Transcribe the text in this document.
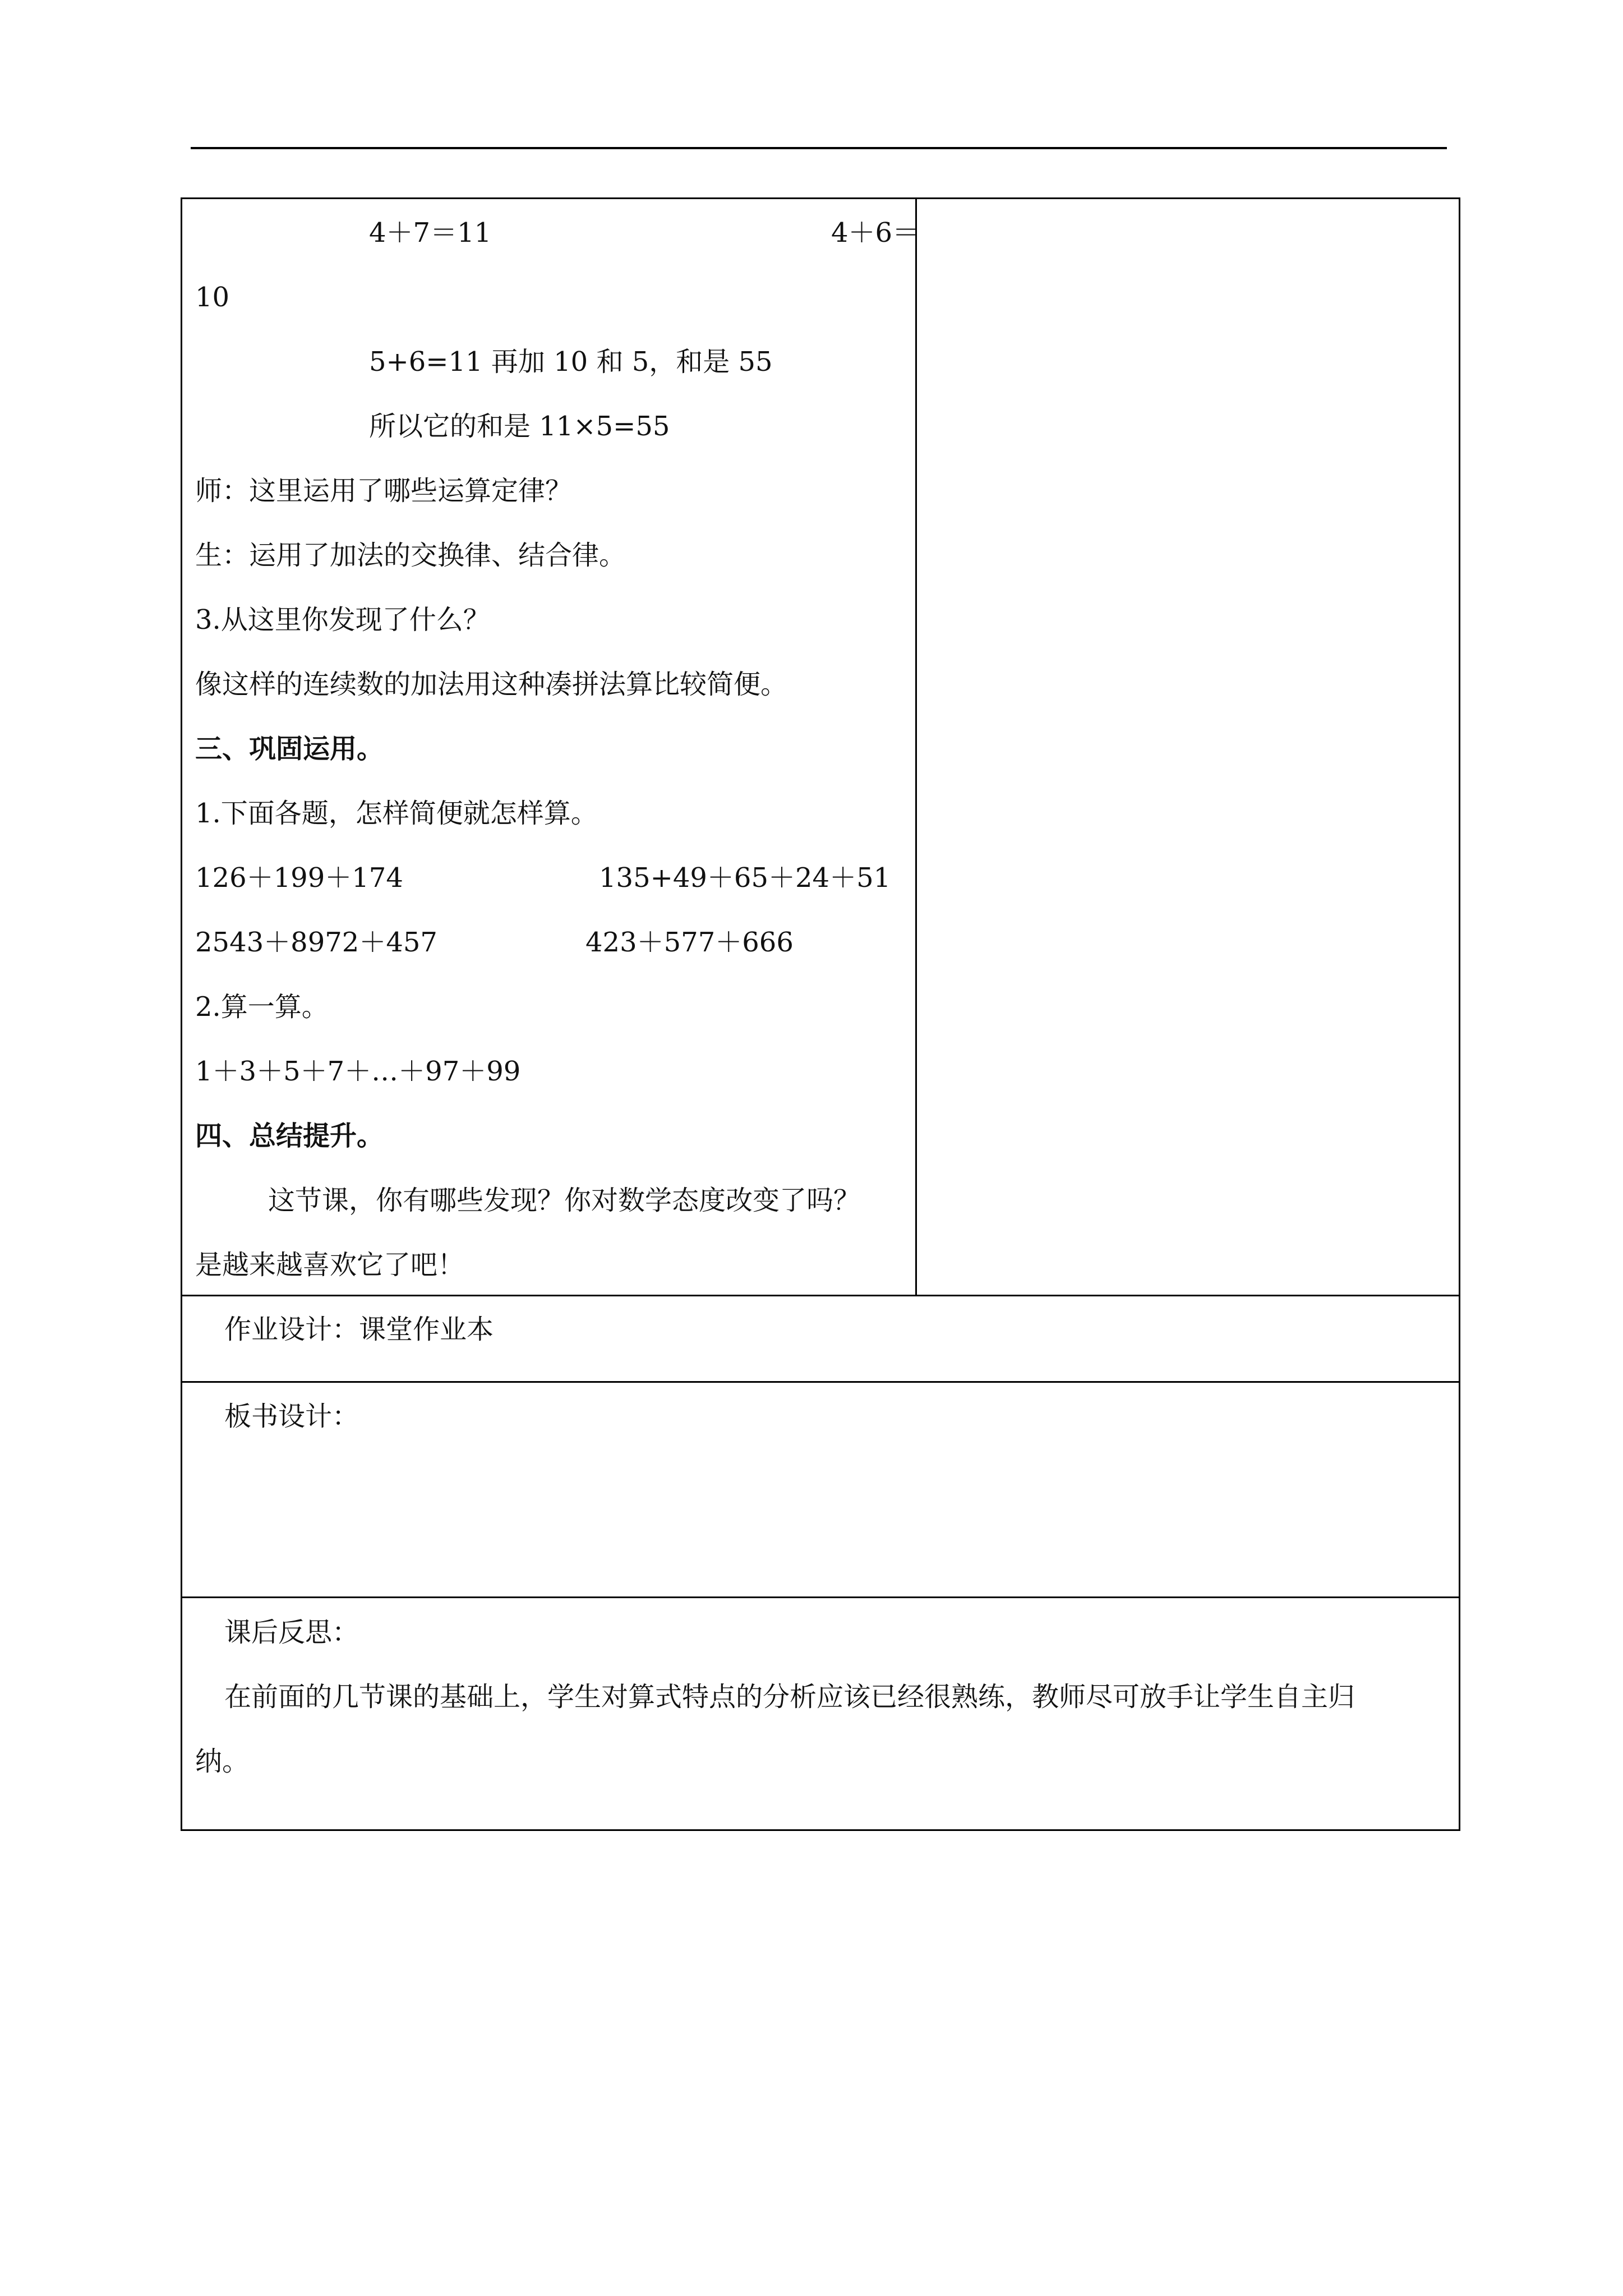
4＋7＝11	4＋6＝
10
5+6=11 再加 10 和 5，和是 55
所以它的和是 11×5=55
师：这里运用了哪些运算定律？
生：运用了加法的交换律、结合律。
3.从这里你发现了什么？
像这样的连续数的加法用这种凑拼法算比较简便。
三、巩固运用。
1.下面各题，怎样简便就怎样算。
126＋199＋174	135+49＋65＋24＋51
2543＋8972＋457	423＋577＋666
2.算一算。
1＋3＋5＋7＋…＋97＋99
四、总结提升。
这节课，你有哪些发现？你对数学态度改变了吗？
是越来越喜欢它了吧！
作业设计：课堂作业本
板书设计：
课后反思：
在前面的几节课的基础上，学生对算式特点的分析应该已经很熟练，教师尽可放手让学生自主归
纳。
